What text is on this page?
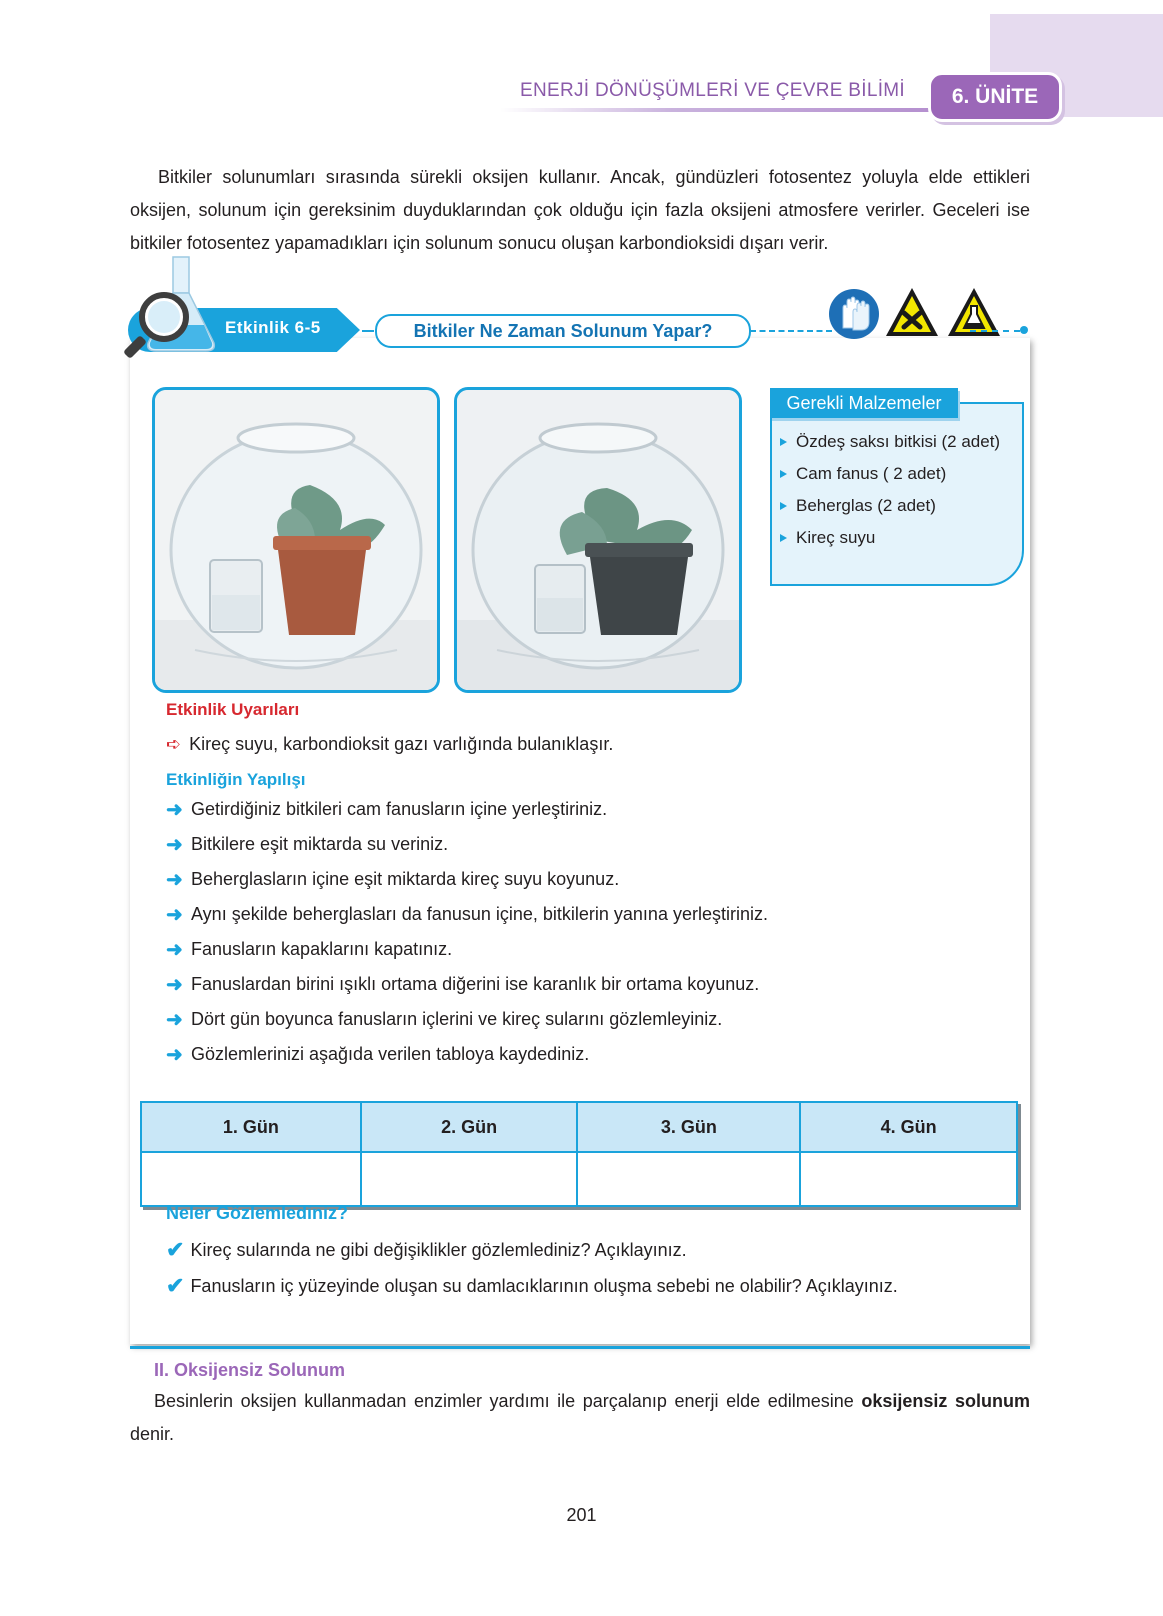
ENERJİ DÖNÜŞÜMLERİ VE ÇEVRE BİLİMİ	6. ÜNİTE

Bitkiler solunumları sırasında sürekli oksijen kullanır. Ancak, gündüzleri fotosentez yoluyla elde ettikleri oksijen, solunum için gereksinim duyduklarından çok olduğu için fazla oksijeni atmosfere verirler. Geceleri ise bitkiler fotosentez yapamadıkları için solunum sonucu oluşan karbondioksidi dışarı verir.

Etkinlik 6-5	Bitkiler Ne Zaman Solunum Yapar?
Özdeş saksı bitkisi (2 adet)
Cam fanus ( 2 adet)
Beherglas (2 adet)
Kireç suyu
Gerekli Malzemeler
Etkinlik Uyarıları
➪ Kireç suyu, karbondioksit gazı varlığında bulanıklaşır.
Etkinliğin Yapılışı
➜ Getirdiğiniz bitkileri cam fanusların içine yerleştiriniz.
➜ Bitkilere eşit miktarda su veriniz.
➜ Beherglasların içine eşit miktarda kireç suyu koyunuz.
➜ Aynı şekilde beherglasları da fanusun içine, bitkilerin yanına yerleştiriniz.
➜ Fanusların kapaklarını kapatınız.
➜ Fanuslardan birini ışıklı ortama diğerini ise karanlık bir ortama koyunuz.
➜ Dört gün boyunca fanusların içlerini ve kireç sularını gözlemleyiniz.
➜ Gözlemlerinizi aşağıda verilen tabloya kaydediniz.
1. Gün	2. Gün	3. Gün	4. Gün

Neler Gözlemlediniz?
✔ Kireç sularında ne gibi değişiklikler gözlemlediniz? Açıklayınız.
✔ Fanusların iç yüzeyinde oluşan su damlacıklarının oluşma sebebi ne olabilir? Açıklayınız.
II. Oksijensiz Solunum
Besinlerin oksijen kullanmadan enzimler yardımı ile parçalanıp enerji elde edilmesine oksijensiz solunum denir.
201
